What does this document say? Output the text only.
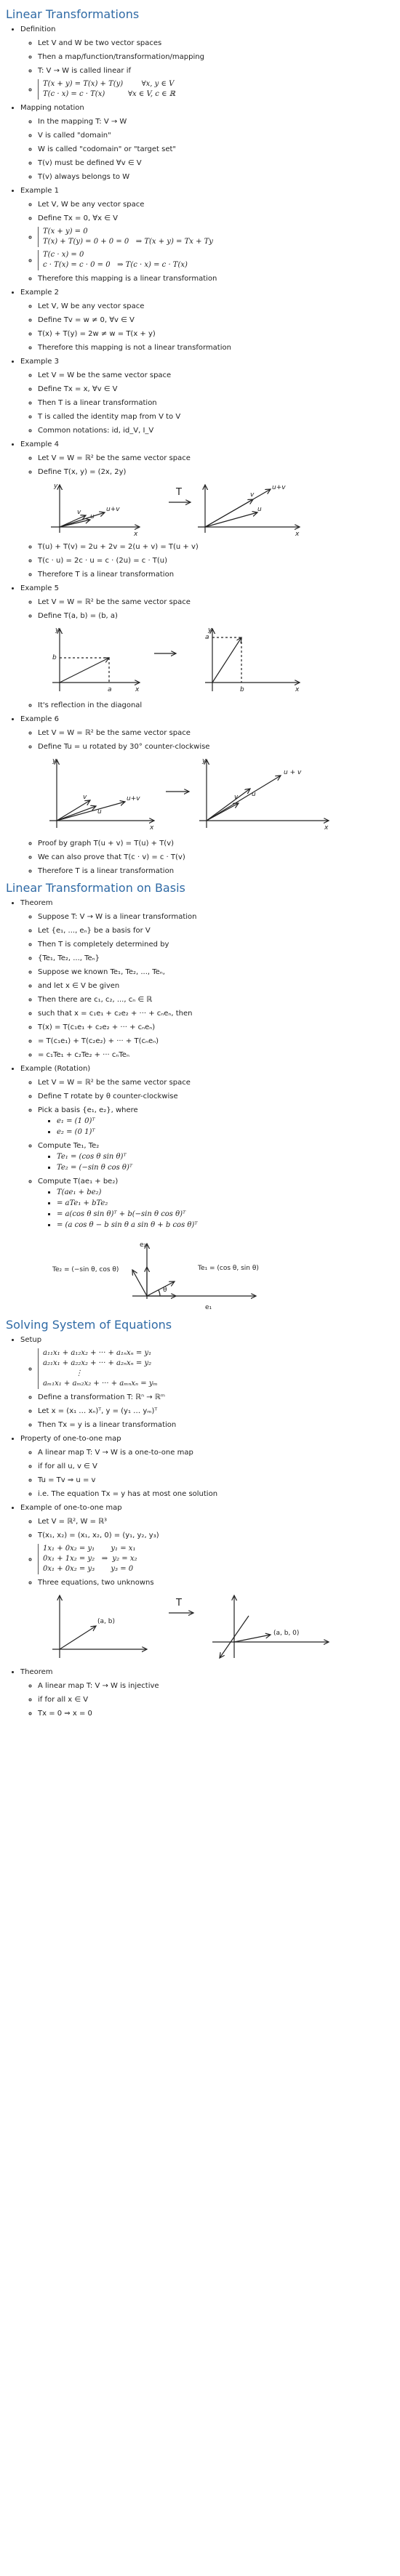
Linear Transformations
• Definition
◦ Let V and W be two vector spaces
◦ Then a map/function/transformation/mapping
◦ T: V → W is called linear if
◦ T(x + y) = T(x) + T(y)        ∀x, y ∈ V
T(c · x) = c · T(x)          ∀x ∈ V, c ∈ ℝ
• Mapping notation
◦ In the mapping T: V → W
◦ V is called "domain"
◦ W is called "codomain" or "target set"
◦ T(v) must be defined ∀v ∈ V
◦ T(v) always belongs to W
• Example 1
◦ Let V, W be any vector space
◦ Define Tx = 0, ∀x ∈ V
◦ T(x + y) = 0
T(x) + T(y) = 0 + 0 = 0   ⇒ T(x + y) = Tx + Ty
◦ T(c · x) = 0
c · T(x) = c · 0 = 0   ⇒ T(c · x) = c · T(x)
◦ Therefore this mapping is a linear transformation
• Example 2
◦ Let V, W be any vector space
◦ Define Tv = w ≠ 0, ∀v ∈ V
◦ T(x) + T(y) = 2w ≠ w = T(x + y)
◦ Therefore this mapping is not a linear transformation
• Example 3
◦ Let V = W be the same vector space
◦ Define Tx = x, ∀v ∈ V
◦ Then T is a linear transformation
◦ T is called the identity map from V to V
◦ Common notations: id, id_V, I_V
• Example 4
◦ Let V = W = ℝ² be the same vector space
◦ Define T(x, y) = (2x, 2y)
v
u
u+v
y
x
T	u+v
u
v
x
◦ T(u) + T(v) = 2u + 2v = 2(u + v) = T(u + v)
◦ T(c · u) = 2c · u = c · (2u) = c · T(u)
◦ Therefore T is a linear transformation
• Example 5
◦ Let V = W = ℝ² be the same vector space
◦ Define T(a, b) = (b, a)
y
b
a	x
y
a
b	x
◦ It's reflection in the diagonal
• Example 6
◦ Let V = W = ℝ² be the same vector space
◦ Define Tu = u rotated by 30° counter-clockwise
y
v
u
u+v
x
y
u + v
u
v
x
◦ Proof by graph T(u + v) = T(u) + T(v)
◦ We can also prove that T(c · v) = c · T(v)
◦ Therefore T is a linear transformation
Linear Transformation on Basis
• Theorem
◦ Suppose T: V → W is a linear transformation
◦ Let {e₁, ..., eₙ} be a basis for V
◦ Then T is completely determined by
◦ {Te₁, Te₂, ..., Teₙ}
◦ Suppose we known Te₁, Te₂, ..., Teₙ,
◦ and let x ∈ V be given
◦ Then there are c₁, c₂, ..., cₙ ∈ ℝ
◦ such that x = c₁e₁ + c₂e₂ + ··· + cₙeₙ, then
◦ T(x) = T(c₁e₁ + c₂e₂ + ··· + cₙeₙ)
◦ = T(c₁e₁) + T(c₂e₂) + ··· + T(cₙeₙ)
◦ = c₁Te₁ + c₂Te₂ + ··· cₙTeₙ
• Example (Rotation)
◦ Let V = W = ℝ² be the same vector space
◦ Define T rotate by θ counter-clockwise
◦ Pick a basis {e₁, e₂}, where
▪ e₁ = (1 0)ᵀ
▪ e₂ = (0 1)ᵀ
◦ Compute Te₁, Te₂
▪ Te₁ = (cos θ sin θ)ᵀ
▪ Te₂ = (−sin θ cos θ)ᵀ
◦ Compute T(ae₁ + be₂)
▪ T(ae₁ + be₂)
▪ = aTe₁ + bTe₂
▪ = a(cos θ sin θ)ᵀ + b(−sin θ cos θ)ᵀ
▪ = (a cos θ − b sin θ a sin θ + b cos θ)ᵀ
Te₂ = (−sin θ, cos θ)
e₂
θ
Te₁ = (cos θ, sin θ)
e₁
Solving System of Equations
• Setup
◦ a₁₁x₁ + a₁₂x₂ + ··· + a₁ₙxₙ = y₁
a₂₁x₁ + a₂₂x₂ + ··· + a₂ₙxₙ = y₂
⋮
aₘ₁x₁ + aₘ₂x₂ + ··· + aₘₙxₙ = yₘ
◦ Define a transformation T: ℝⁿ → ℝᵐ
◦ Let x = (x₁ … xₙ)ᵀ, y = (y₁ … yₘ)ᵀ
◦ Then Tx = y is a linear transformation
• Property of one-to-one map
◦ A linear map T: V → W is a one-to-one map
◦ if for all u, v ∈ V
◦ Tu = Tv ⇒ u = v
◦ i.e. The equation Tx = y has at most one solution
• Example of one-to-one map
◦ Let V = ℝ², W = ℝ³
◦ T(x₁, x₂) = (x₁, x₂, 0) = (y₁, y₂, y₃)
◦ 1x₁ + 0x₂ = y₁       y₁ = x₁
0x₁ + 1x₂ = y₂   ⇒  y₂ = x₂
0x₁ + 0x₂ = y₃       y₃ = 0
◦ Three equations, two unknowns
(a, b)
T
(a, b, 0)
• Theorem
◦ A linear map T: V → W is injective
◦ if for all x ∈ V
◦ Tx = 0 ⇒ x = 0
